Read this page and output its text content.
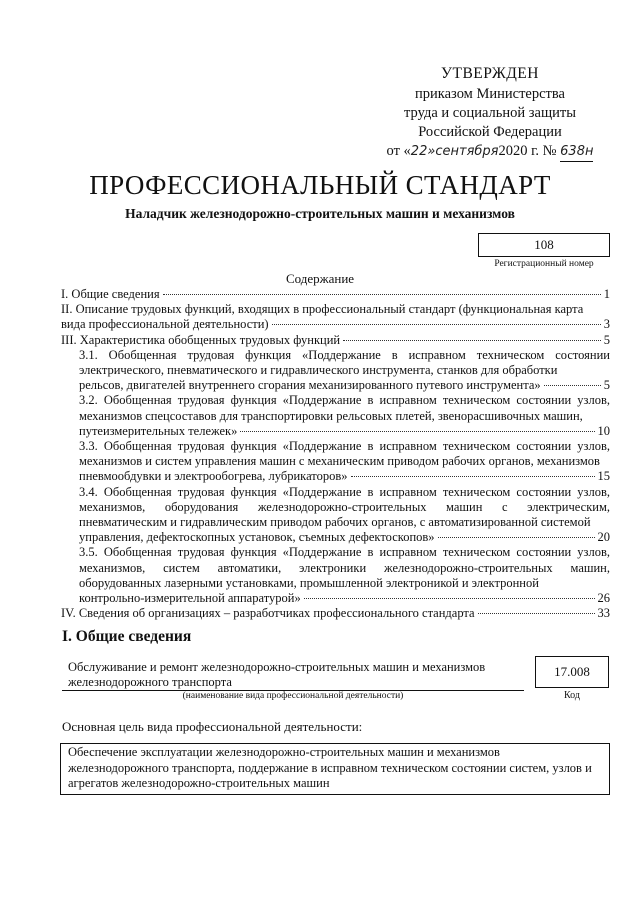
УТВЕРЖДЕН
приказом Министерства
труда и социальной защиты
Российской Федерации
от «22»сентября2020 г. № 638н
ПРОФЕССИОНАЛЬНЫЙ СТАНДАРТ
Наладчик железнодорожно-строительных машин и механизмов
108
Регистрационный номер
Содержание
I. Общие сведения	1
II. Описание трудовых функций, входящих в профессиональный стандарт (функциональная карта
вида профессиональной деятельности)	3
III. Характеристика обобщенных трудовых функций	5
3.1. Обобщенная трудовая функция «Поддержание в исправном техническом состоянии электрического, пневматического и гидравлического инструмента, станков для обработки
рельсов, двигателей внутреннего сгорания механизированного путевого инструмента»	5
3.2. Обобщенная трудовая функция «Поддержание в исправном техническом состоянии узлов, механизмов спецсоставов для транспортировки рельсовых плетей, звенорасшивочных машин,
путеизмерительных тележек»	10
3.3. Обобщенная трудовая функция «Поддержание в исправном техническом состоянии узлов, механизмов и систем управления машин с механическим приводом рабочих органов, механизмов
пневмообдувки и электрообогрева, лубрикаторов»	15
3.4. Обобщенная трудовая функция «Поддержание в исправном техническом состоянии узлов, механизмов, оборудования железнодорожно-строительных машин с электрическим, пневматическим и гидравлическим приводом рабочих органов, с автоматизированной системой
управления, дефектоскопных установок, съемных дефектоскопов»	20
3.5. Обобщенная трудовая функция «Поддержание в исправном техническом состоянии узлов, механизмов, систем автоматики, электроники железнодорожно-строительных машин, оборудованных лазерными установками, промышленной электроникой и электронной
контрольно-измерительной аппаратурой»	26
IV. Сведения об организациях – разработчиках профессионального стандарта	33
I. Общие сведения
Обслуживание и ремонт железнодорожно-строительных машин и механизмов железнодорожного транспорта
(наименование вида профессиональной деятельности)
17.008
Код
Основная цель вида профессиональной деятельности:
Обеспечение эксплуатации железнодорожно-строительных машин и механизмов железнодорожного транспорта, поддержание в исправном техническом состоянии систем, узлов и агрегатов железнодорожно-строительных машин
